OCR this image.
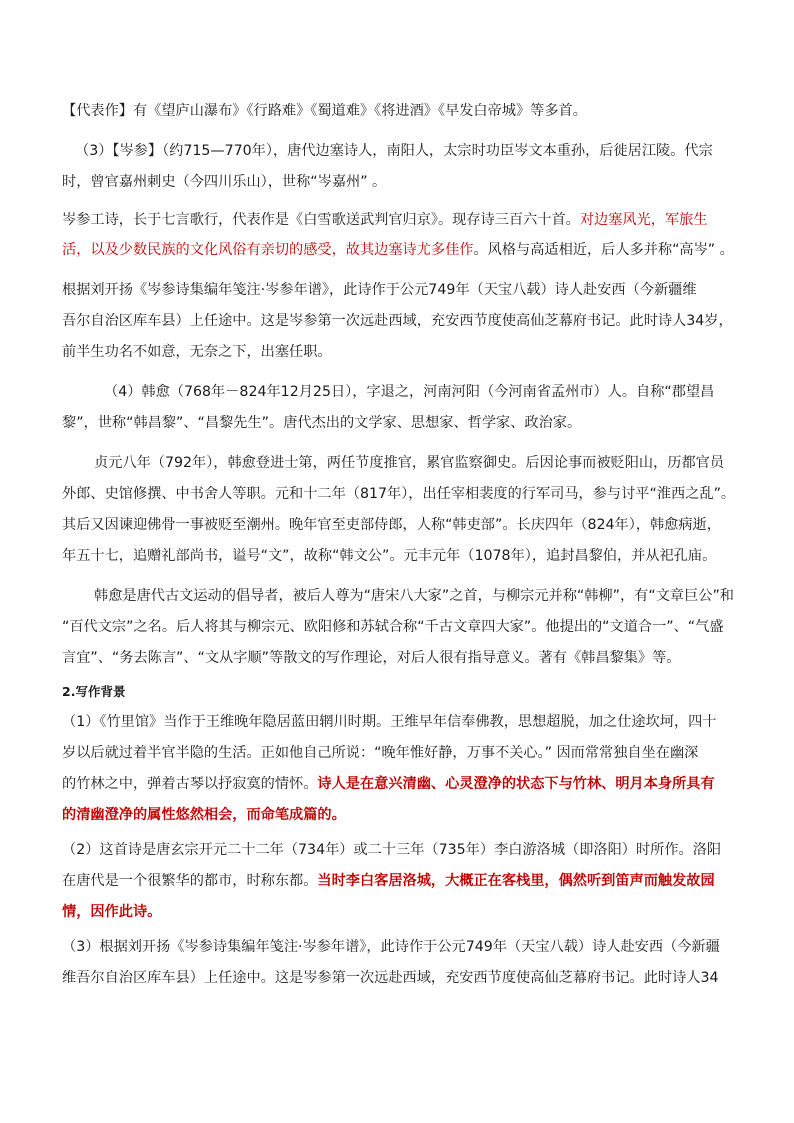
【代表作】有《望庐山瀑布》《行路难》《蜀道难》《将进酒》《早发白帝城》等多首。
（3）【岑参】（约715—770年），唐代边塞诗人，南阳人，太宗时功臣岑文本重孙，后徙居江陵。代宗
时，曾官嘉州刺史（今四川乐山），世称“岑嘉州” 。
岑参工诗，长于七言歌行，代表作是《白雪歌送武判官归京》。现存诗三百六十首。对边塞风光，军旅生
活，以及少数民族的文化风俗有亲切的感受，故其边塞诗尤多佳作。风格与高适相近，后人多并称“高岑” 。
根据刘开扬《岑参诗集编年笺注·岑参年谱》，此诗作于公元749年（天宝八载）诗人赴安西（今新疆维
吾尔自治区库车县）上任途中。这是岑参第一次远赴西域，充安西节度使高仙芝幕府书记。此时诗人34岁，
前半生功名不如意，无奈之下，出塞任职。
（4）韩愈（768年－824年12月25日），字退之，河南河阳（今河南省孟州市）人。自称“郡望昌
黎”，世称“韩昌黎”、“昌黎先生”。唐代杰出的文学家、思想家、哲学家、政治家。
贞元八年（792年），韩愈登进士第，两任节度推官，累官监察御史。后因论事而被贬阳山，历都官员
外郎、史馆修撰、中书舍人等职。元和十二年（817年），出任宰相裴度的行军司马，参与讨平“淮西之乱”。
其后又因谏迎佛骨一事被贬至潮州。晚年官至吏部侍郎，人称“韩吏部”。长庆四年（824年），韩愈病逝，
年五十七，追赠礼部尚书，谥号“文”，故称“韩文公”。元丰元年（1078年），追封昌黎伯，并从祀孔庙。
韩愈是唐代古文运动的倡导者，被后人尊为“唐宋八大家”之首，与柳宗元并称“韩柳”，有“文章巨公”和
“百代文宗”之名。后人将其与柳宗元、欧阳修和苏轼合称“千古文章四大家”。他提出的“文道合一”、“气盛
言宜”、“务去陈言”、“文从字顺”等散文的写作理论，对后人很有指导意义。著有《韩昌黎集》等。
2.写作背景
（1）《竹里馆》当作于王维晚年隐居蓝田辋川时期。王维早年信奉佛教，思想超脱，加之仕途坎坷，四十
岁以后就过着半官半隐的生活。正如他自己所说：“晚年惟好静，万事不关心。” 因而常常独自坐在幽深
的竹林之中，弹着古琴以抒寂寞的情怀。诗人是在意兴清幽、心灵澄净的状态下与竹林、明月本身所具有
的清幽澄净的属性悠然相会，而命笔成篇的。
（2）这首诗是唐玄宗开元二十二年（734年）或二十三年（735年）李白游洛城（即洛阳）时所作。洛阳
在唐代是一个很繁华的都市，时称东都。当时李白客居洛城，大概正在客栈里，偶然听到笛声而触发故园
情，因作此诗。
（3）根据刘开扬《岑参诗集编年笺注·岑参年谱》，此诗作于公元749年（天宝八载）诗人赴安西（今新疆
维吾尔自治区库车县）上任途中。这是岑参第一次远赴西域，充安西节度使高仙芝幕府书记。此时诗人34
